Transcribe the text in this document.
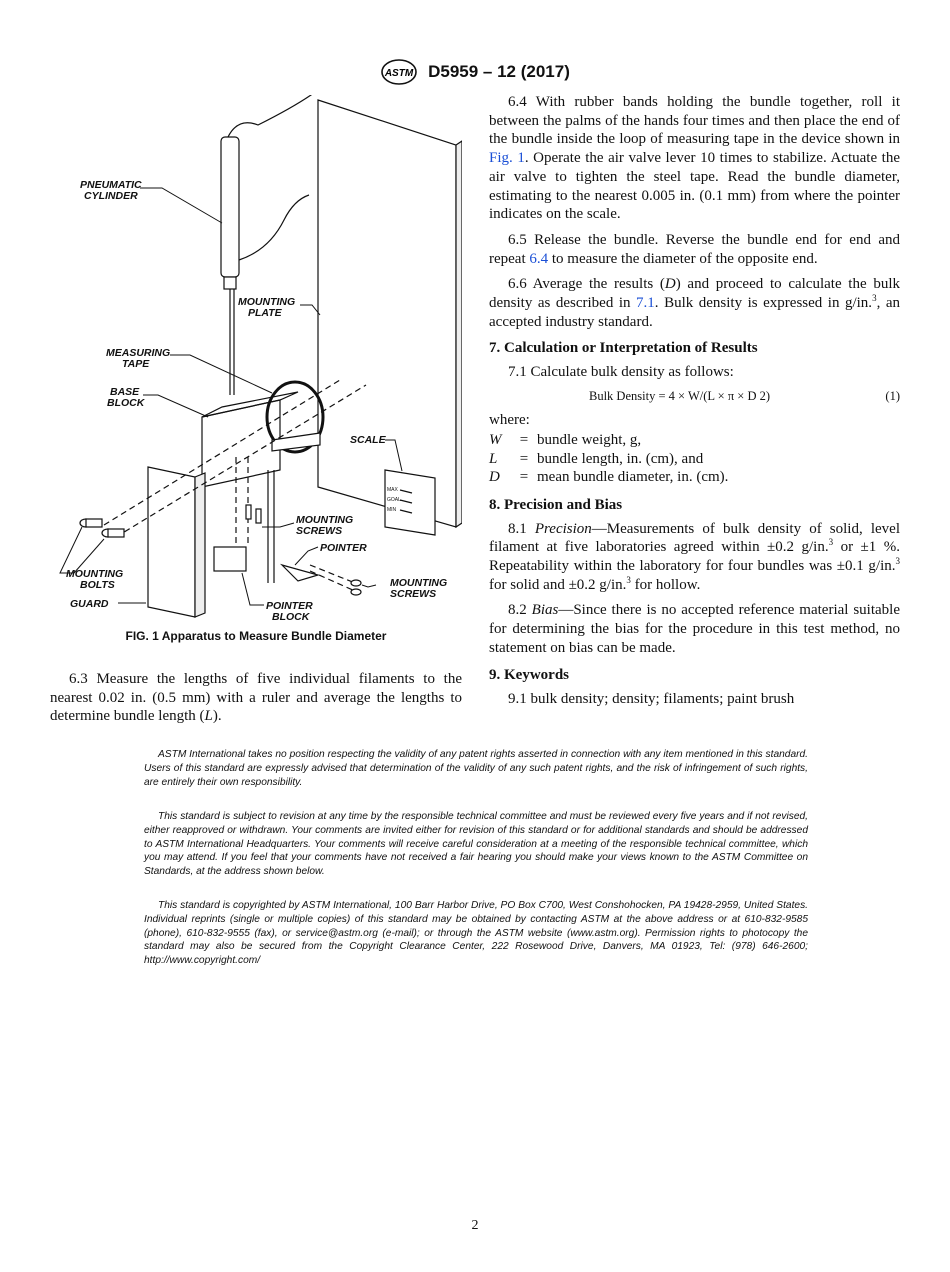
ASTM D5959 – 12 (2017)
PNEUMATIC CYLINDER
MOUNTING PLATE
MEASURING TAPE
BASE BLOCK
SCALE
MOUNTING SCREWS
POINTER
MOUNTING BOLTS
GUARD	POINTER BLOCK
MOUNTING SCREWS
MAX
GOAL
MIN
FIG. 1 Apparatus to Measure Bundle Diameter

6.3 Measure the lengths of five individual filaments to the nearest 0.02 in. (0.5 mm) with a ruler and average the lengths to determine bundle length (L).

6.4 With rubber bands holding the bundle together, roll it between the palms of the hands four times and then place the end of the bundle inside the loop of measuring tape in the device shown in Fig. 1. Operate the air valve lever 10 times to stabilize. Actuate the air valve to tighten the steel tape. Read the bundle diameter, estimating to the nearest 0.005 in. (0.1 mm) from where the pointer indicates on the scale.

6.5 Release the bundle. Reverse the bundle end for end and repeat 6.4 to measure the diameter of the opposite end.

6.6 Average the results (D) and proceed to calculate the bulk density as described in 7.1. Bulk density is expressed in g/in.$^3$, an accepted industry standard.

7. Calculation or Interpretation of Results

7.1 Calculate bulk density as follows:

Bulk Density = 4 × W/(L × π × D 2)	(1)
where:
W	= bundle weight, g,
L	= bundle length, in. (cm), and
D	= mean bundle diameter, in. (cm).
8. Precision and Bias

8.1 Precision—Measurements of bulk density of solid, level filament at five laboratories agreed within ±0.2 g/in.$^3$ or ±1 %. Repeatability within the laboratory for four bundles was ±0.1 g/in.$^3$ for solid and ±0.2 g/in.$^3$ for hollow.

8.2 Bias—Since there is no accepted reference material suitable for determining the bias for the procedure in this test method, no statement on bias can be made.

9. Keywords

9.1 bulk density; density; filaments; paint brush

ASTM International takes no position respecting the validity of any patent rights asserted in connection with any item mentioned in this standard. Users of this standard are expressly advised that determination of the validity of any such patent rights, and the risk of infringement of such rights, are entirely their own responsibility.
This standard is subject to revision at any time by the responsible technical committee and must be reviewed every five years and if not revised, either reapproved or withdrawn. Your comments are invited either for revision of this standard or for additional standards and should be addressed to ASTM International Headquarters. Your comments will receive careful consideration at a meeting of the responsible technical committee, which you may attend. If you feel that your comments have not received a fair hearing you should make your views known to the ASTM Committee on Standards, at the address shown below.
This standard is copyrighted by ASTM International, 100 Barr Harbor Drive, PO Box C700, West Conshohocken, PA 19428-2959, United States. Individual reprints (single or multiple copies) of this standard may be obtained by contacting ASTM at the above address or at 610-832-9585 (phone), 610-832-9555 (fax), or service@astm.org (e-mail); or through the ASTM website (www.astm.org). Permission rights to photocopy the standard may also be secured from the Copyright Clearance Center, 222 Rosewood Drive, Danvers, MA 01923, Tel: (978) 646-2600; http://www.copyright.com/
2
